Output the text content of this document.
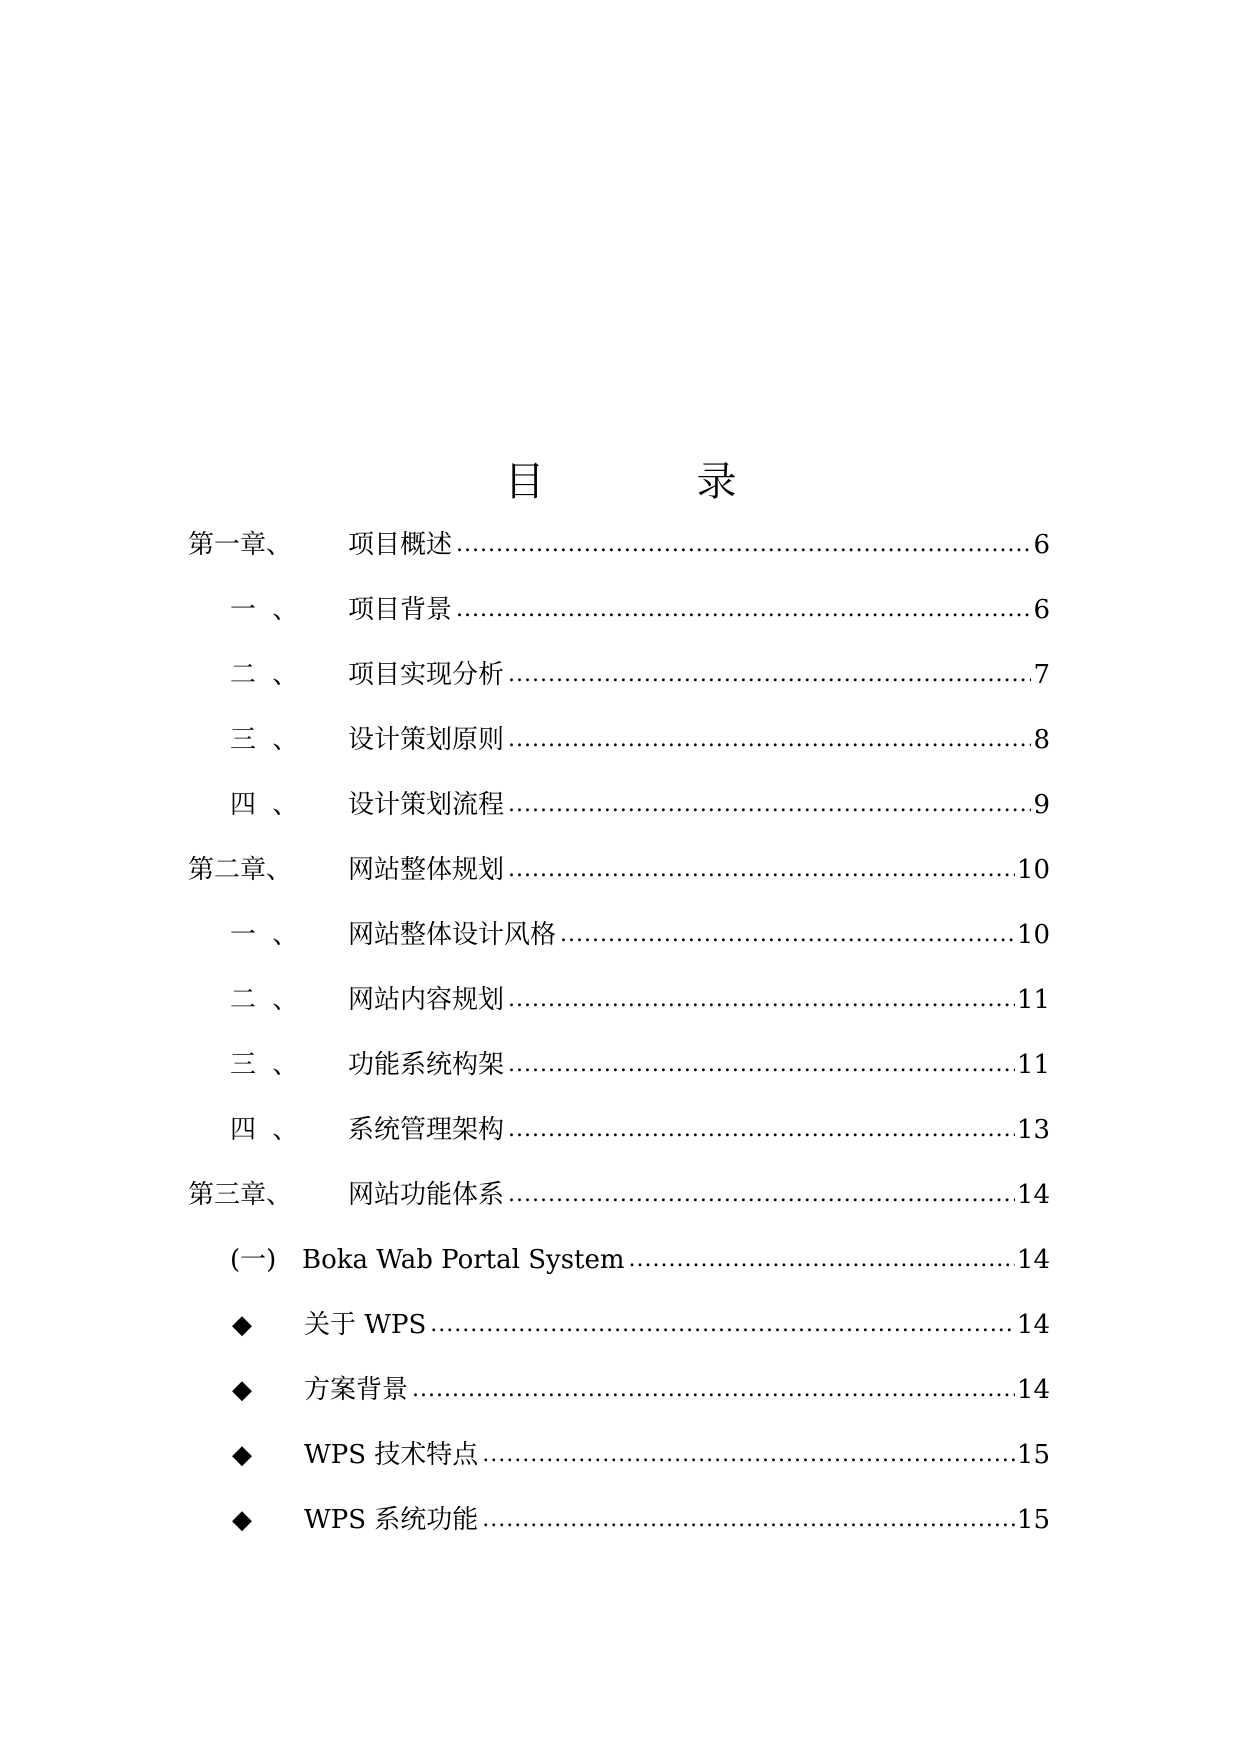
目　录
第一章、	项目概述 .....	6
一 、	项目背景 .....	6
二 、	项目实现分析 .....	7
三 、	设计策划原则 .....	8
四 、	设计策划流程 .....	9
第二章、	网站整体规划 .....	10
一 、	网站整体设计风格 .....	10
二 、	网站内容规划 .....	11
三 、	功能系统构架 .....	11
四 、	系统管理架构 .....	13
第三章、	网站功能体系 .....	14
(一) Boka Wab Portal System .....	14
◆	关于 WPS .....	14
◆	方案背景 .....	14
◆	WPS 技术特点 .....	15
◆	WPS 系统功能 .....	15
